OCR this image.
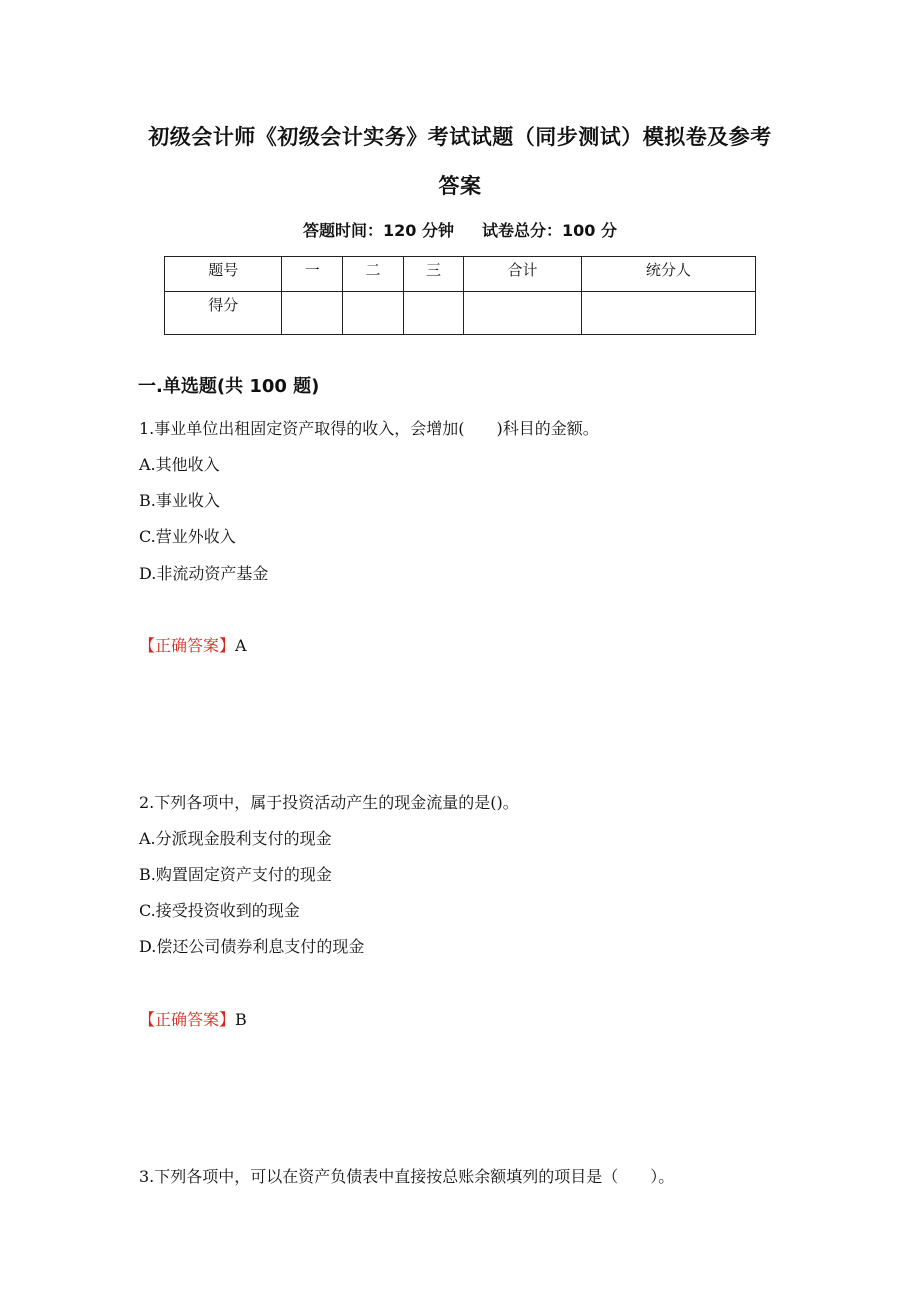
初级会计师《初级会计实务》考试试题（同步测试）模拟卷及参考
答案
答题时间：120 分钟 试卷总分：100 分
题号	一	二	三	合计	统分人
得分					
一.单选题(共 100 题)
1.事业单位出租固定资产取得的收入，会增加(　　)科目的金额。
A.其他收入
B.事业收入
C.营业外收入
D.非流动资产基金
【正确答案】A
2.下列各项中，属于投资活动产生的现金流量的是()。
A.分派现金股利支付的现金
B.购置固定资产支付的现金
C.接受投资收到的现金
D.偿还公司债券利息支付的现金
【正确答案】B
3.下列各项中，可以在资产负债表中直接按总账余额填列的项目是（　　）。
